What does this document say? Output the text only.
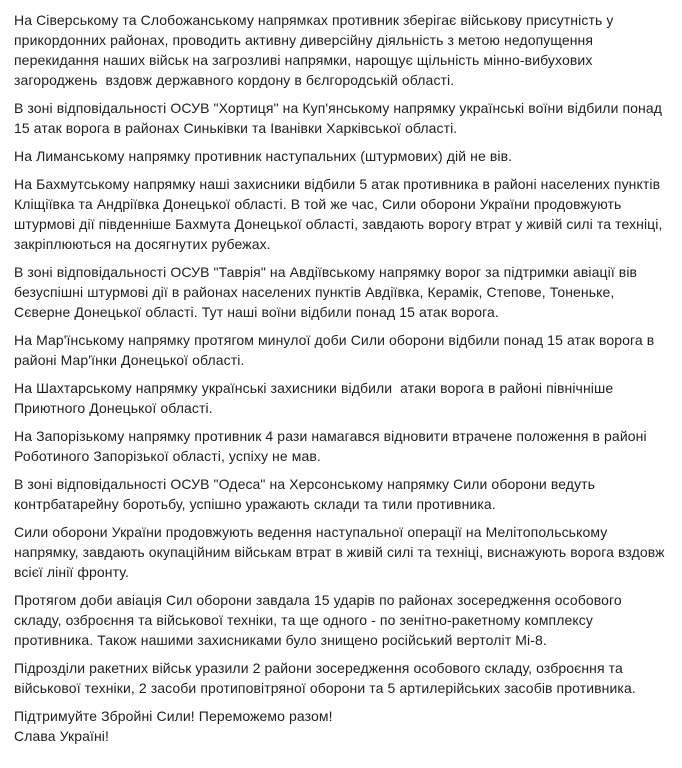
На Сіверському та Слобожанському напрямках противник зберігає військову присутність у прикордонних районах, проводить активну диверсійну діяльність з метою недопущення перекидання наших військ на загрозливі напрямки, нарощує щільність мінно-вибухових загороджень  вздовж державного кордону в бєлгородській області.

В зоні відповідальності ОСУВ "Хортиця" на Куп'янському напрямку українські воїни відбили понад 15 атак ворога в районах Синьківки та Іванівки Харківської області.

На Лиманському напрямку противник наступальних (штурмових) дій не вів.

На Бахмутському напрямку наші захисники відбили 5 атак противника в районі населених пунктів Кліщіївка та Андріївка Донецької області. В той же час, Сили оборони України продовжують штурмові дії південніше Бахмута Донецької області, завдають ворогу втрат у живій силі та техніці, закріплюються на досягнутих рубежах.

В зоні відповідальності ОСУВ "Таврія" на Авдіївському напрямку ворог за підтримки авіації вів безуспішні штурмові дії в районах населених пунктів Авдіївка, Керамік, Степове, Тоненьке, Сєверне Донецької області. Тут наші воїни відбили понад 15 атак ворога.

На Мар'їнському напрямку протягом минулої доби Сили оборони відбили понад 15 атак ворога в районі Мар'їнки Донецької області.

На Шахтарському напрямку українські захисники відбили  атаки ворога в районі північніше Приютного Донецької області.

На Запорізькому напрямку противник 4 рази намагався відновити втрачене положення в районі Роботиного Запорізької області, успіху не мав.

В зоні відповідальності ОСУВ "Одеса" на Херсонському напрямку Сили оборони ведуть контрбатарейну боротьбу, успішно уражають склади та тили противника.

Сили оборони України продовжують ведення наступальної операції на Мелітопольському напрямку, завдають окупаційним військам втрат в живій силі та техніці, виснажують ворога вздовж всієї лінії фронту.

Протягом доби авіація Сил оборони завдала 15 ударів по районах зосередження особового складу, озброєння та військової техніки, та ще одного - по зенітно-ракетному комплексу противника. Також нашими захисниками було знищено російський вертоліт Мі-8.

Підрозділи ракетних військ уразили 2 райони зосередження особового складу, озброєння та військової техніки, 2 засоби протиповітряної оборони та 5 артилерійських засобів противника.

Підтримуйте Збройні Сили! Переможемо разом!
Слава Україні!
